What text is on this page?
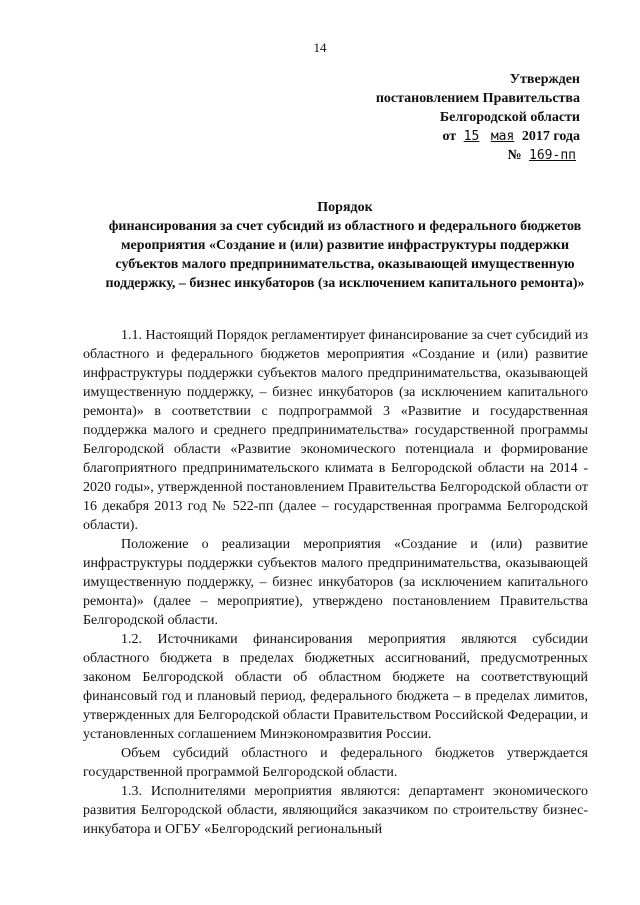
14
Утвержден
постановлением Правительства
Белгородской области
от 15 мая 2017 года
№ 169-пп
Порядок
финансирования за счет субсидий из областного и федерального бюджетов мероприятия «Создание и (или) развитие инфраструктуры поддержки субъектов малого предпринимательства, оказывающей имущественную поддержку, – бизнес инкубаторов (за исключением капитального ремонта)»

1.1. Настоящий Порядок регламентирует финансирование за счет субсидий из областного и федерального бюджетов мероприятия «Создание и (или) развитие инфраструктуры поддержки субъектов малого предпринимательства, оказывающей имущественную поддержку, – бизнес инкубаторов (за исключением капитального ремонта)» в соответствии с подпрограммой 3 «Развитие и государственная поддержка малого и среднего предпринимательства» государственной программы Белгородской области «Развитие экономического потенциала и формирование благоприятного предпринимательского климата в Белгородской области на 2014 - 2020 годы», утвержденной постановлением Правительства Белгородской области от 16 декабря 2013 год № 522-пп (далее – государственная программа Белгородской области).

Положение о реализации мероприятия «Создание и (или) развитие инфраструктуры поддержки субъектов малого предпринимательства, оказывающей имущественную поддержку, – бизнес инкубаторов (за исключением капитального ремонта)» (далее – мероприятие), утверждено постановлением Правительства Белгородской области.

1.2. Источниками финансирования мероприятия являются субсидии областного бюджета в пределах бюджетных ассигнований, предусмотренных законом Белгородской области об областном бюджете на соответствующий финансовый год и плановый период, федерального бюджета – в пределах лимитов, утвержденных для Белгородской области Правительством Российской Федерации, и установленных соглашением Минэкономразвития России.

Объем субсидий областного и федерального бюджетов утверждается государственной программой Белгородской области.

1.3. Исполнителями мероприятия являются: департамент экономического развития Белгородской области, являющийся заказчиком по строительству бизнес-инкубатора и ОГБУ «Белгородский региональный
